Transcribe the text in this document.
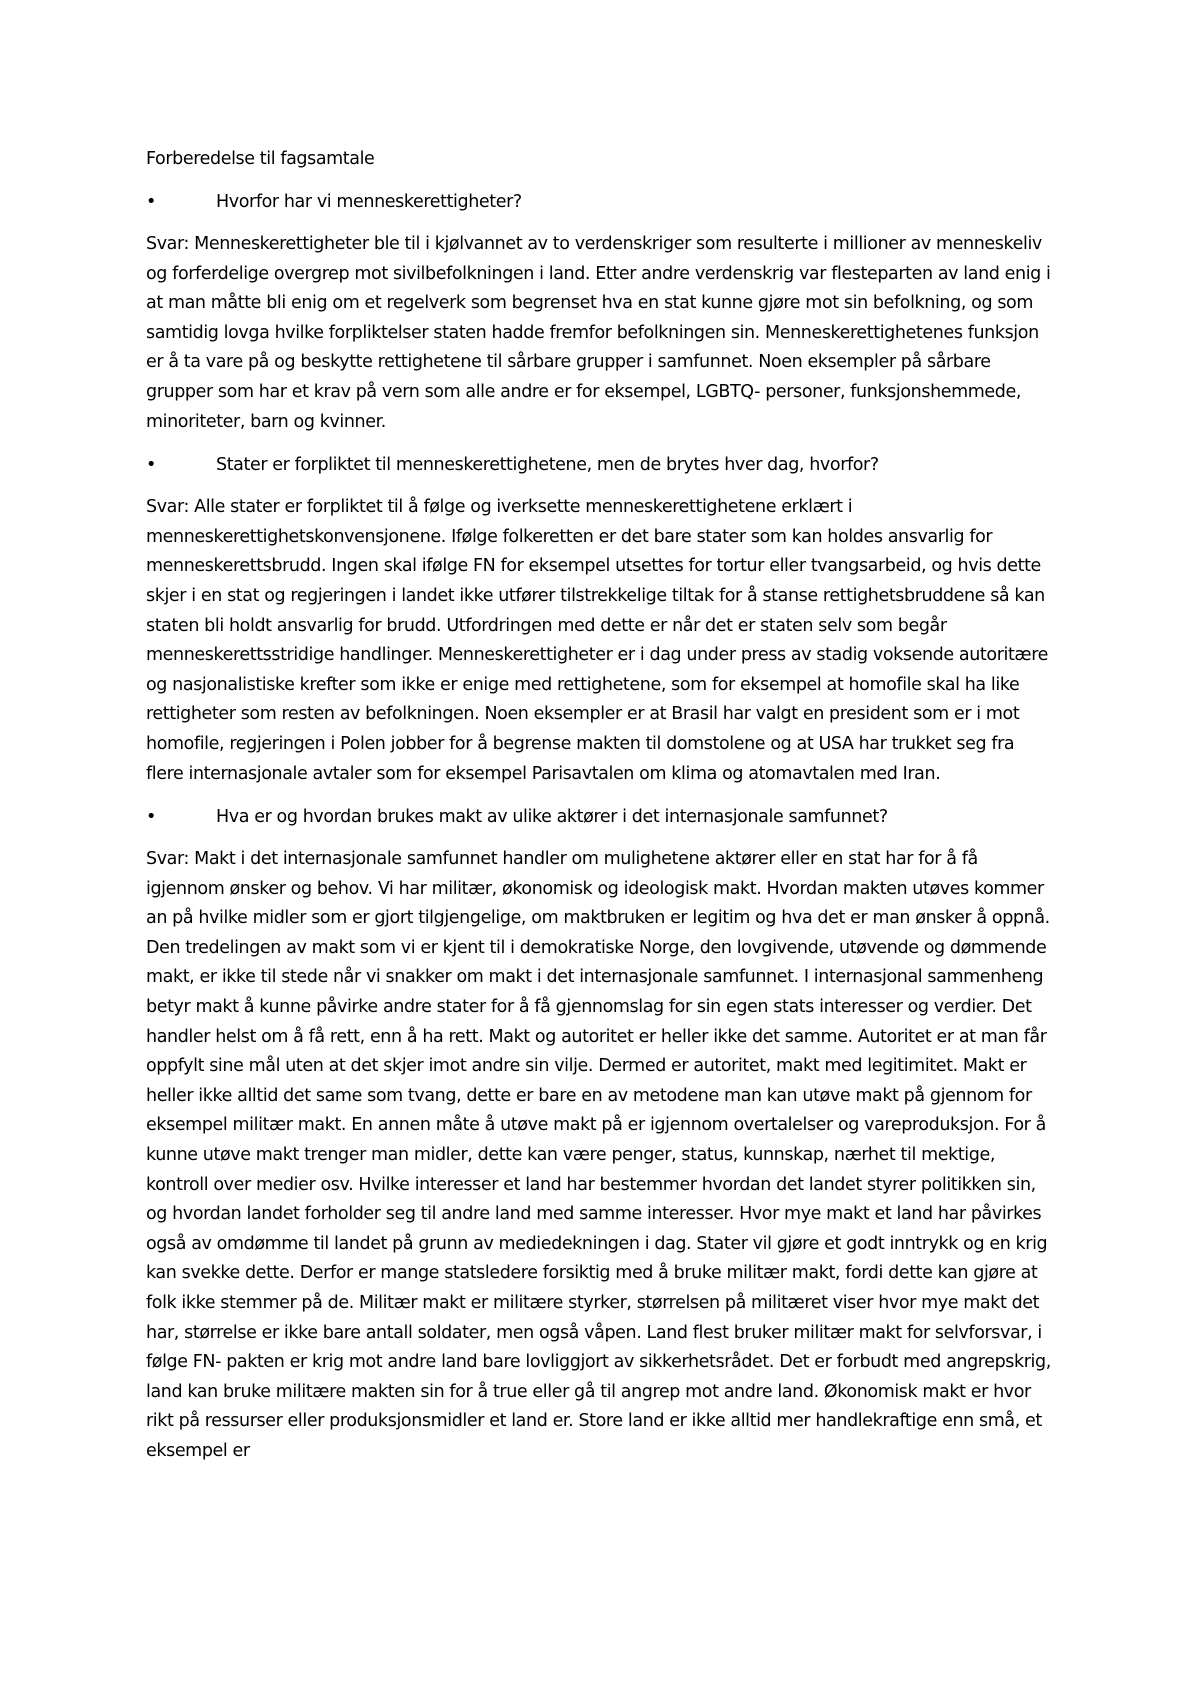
Forberedelse til fagsamtale

•	Hvorfor har vi menneskerettigheter?

Svar: Menneskerettigheter ble til i kjølvannet av to verdenskriger som resulterte i millioner av menneskeliv og forferdelige overgrep mot sivilbefolkningen i land. Etter andre verdenskrig var flesteparten av land enig i at man måtte bli enig om et regelverk som begrenset hva en stat kunne gjøre mot sin befolkning, og som samtidig lovga hvilke forpliktelser staten hadde fremfor befolkningen sin. Menneskerettighetenes funksjon er å ta vare på og beskytte rettighetene til sårbare grupper i samfunnet. Noen eksempler på sårbare grupper som har et krav på vern som alle andre er for eksempel, LGBTQ- personer, funksjonshemmede, minoriteter, barn og kvinner.

•	Stater er forpliktet til menneskerettighetene, men de brytes hver dag, hvorfor?

Svar: Alle stater er forpliktet til å følge og iverksette menneskerettighetene erklært i menneskerettighetskonvensjonene. Ifølge folkeretten er det bare stater som kan holdes ansvarlig for menneskerettsbrudd. Ingen skal ifølge FN for eksempel utsettes for tortur eller tvangsarbeid, og hvis dette skjer i en stat og regjeringen i landet ikke utfører tilstrekkelige tiltak for å stanse rettighetsbruddene så kan staten bli holdt ansvarlig for brudd. Utfordringen med dette er når det er staten selv som begår menneskerettsstridige handlinger. Menneskerettigheter er i dag under press av stadig voksende autoritære og nasjonalistiske krefter som ikke er enige med rettighetene, som for eksempel at homofile skal ha like rettigheter som resten av befolkningen. Noen eksempler er at Brasil har valgt en president som er i mot homofile, regjeringen i Polen jobber for å begrense makten til domstolene og at USA har trukket seg fra flere internasjonale avtaler som for eksempel Parisavtalen om klima og atomavtalen med Iran.

•	Hva er og hvordan brukes makt av ulike aktører i det internasjonale samfunnet?

Svar: Makt i det internasjonale samfunnet handler om mulighetene aktører eller en stat har for å få igjennom ønsker og behov. Vi har militær, økonomisk og ideologisk makt. Hvordan makten utøves kommer an på hvilke midler som er gjort tilgjengelige, om maktbruken er legitim og hva det er man ønsker å oppnå. Den tredelingen av makt som vi er kjent til i demokratiske Norge, den lovgivende, utøvende og dømmende makt, er ikke til stede når vi snakker om makt i det internasjonale samfunnet. I internasjonal sammenheng betyr makt å kunne påvirke andre stater for å få gjennomslag for sin egen stats interesser og verdier. Det handler helst om å få rett, enn å ha rett. Makt og autoritet er heller ikke det samme. Autoritet er at man får oppfylt sine mål uten at det skjer imot andre sin vilje. Dermed er autoritet, makt med legitimitet. Makt er heller ikke alltid det same som tvang, dette er bare en av metodene man kan utøve makt på gjennom for eksempel militær makt. En annen måte å utøve makt på er igjennom overtalelser og vareproduksjon. For å kunne utøve makt trenger man midler, dette kan være penger, status, kunnskap, nærhet til mektige, kontroll over medier osv. Hvilke interesser et land har bestemmer hvordan det landet styrer politikken sin, og hvordan landet forholder seg til andre land med samme interesser. Hvor mye makt et land har påvirkes også av omdømme til landet på grunn av mediedekningen i dag. Stater vil gjøre et godt inntrykk og en krig kan svekke dette. Derfor er mange statsledere forsiktig med å bruke militær makt, fordi dette kan gjøre at folk ikke stemmer på de. Militær makt er militære styrker, størrelsen på militæret viser hvor mye makt det har, størrelse er ikke bare antall soldater, men også våpen. Land flest bruker militær makt for selvforsvar, i følge FN- pakten er krig mot andre land bare lovliggjort av sikkerhetsrådet. Det er forbudt med angrepskrig, land kan bruke militære makten sin for å true eller gå til angrep mot andre land. Økonomisk makt er hvor rikt på ressurser eller produksjonsmidler et land er. Store land er ikke alltid mer handlekraftige enn små, et eksempel er
